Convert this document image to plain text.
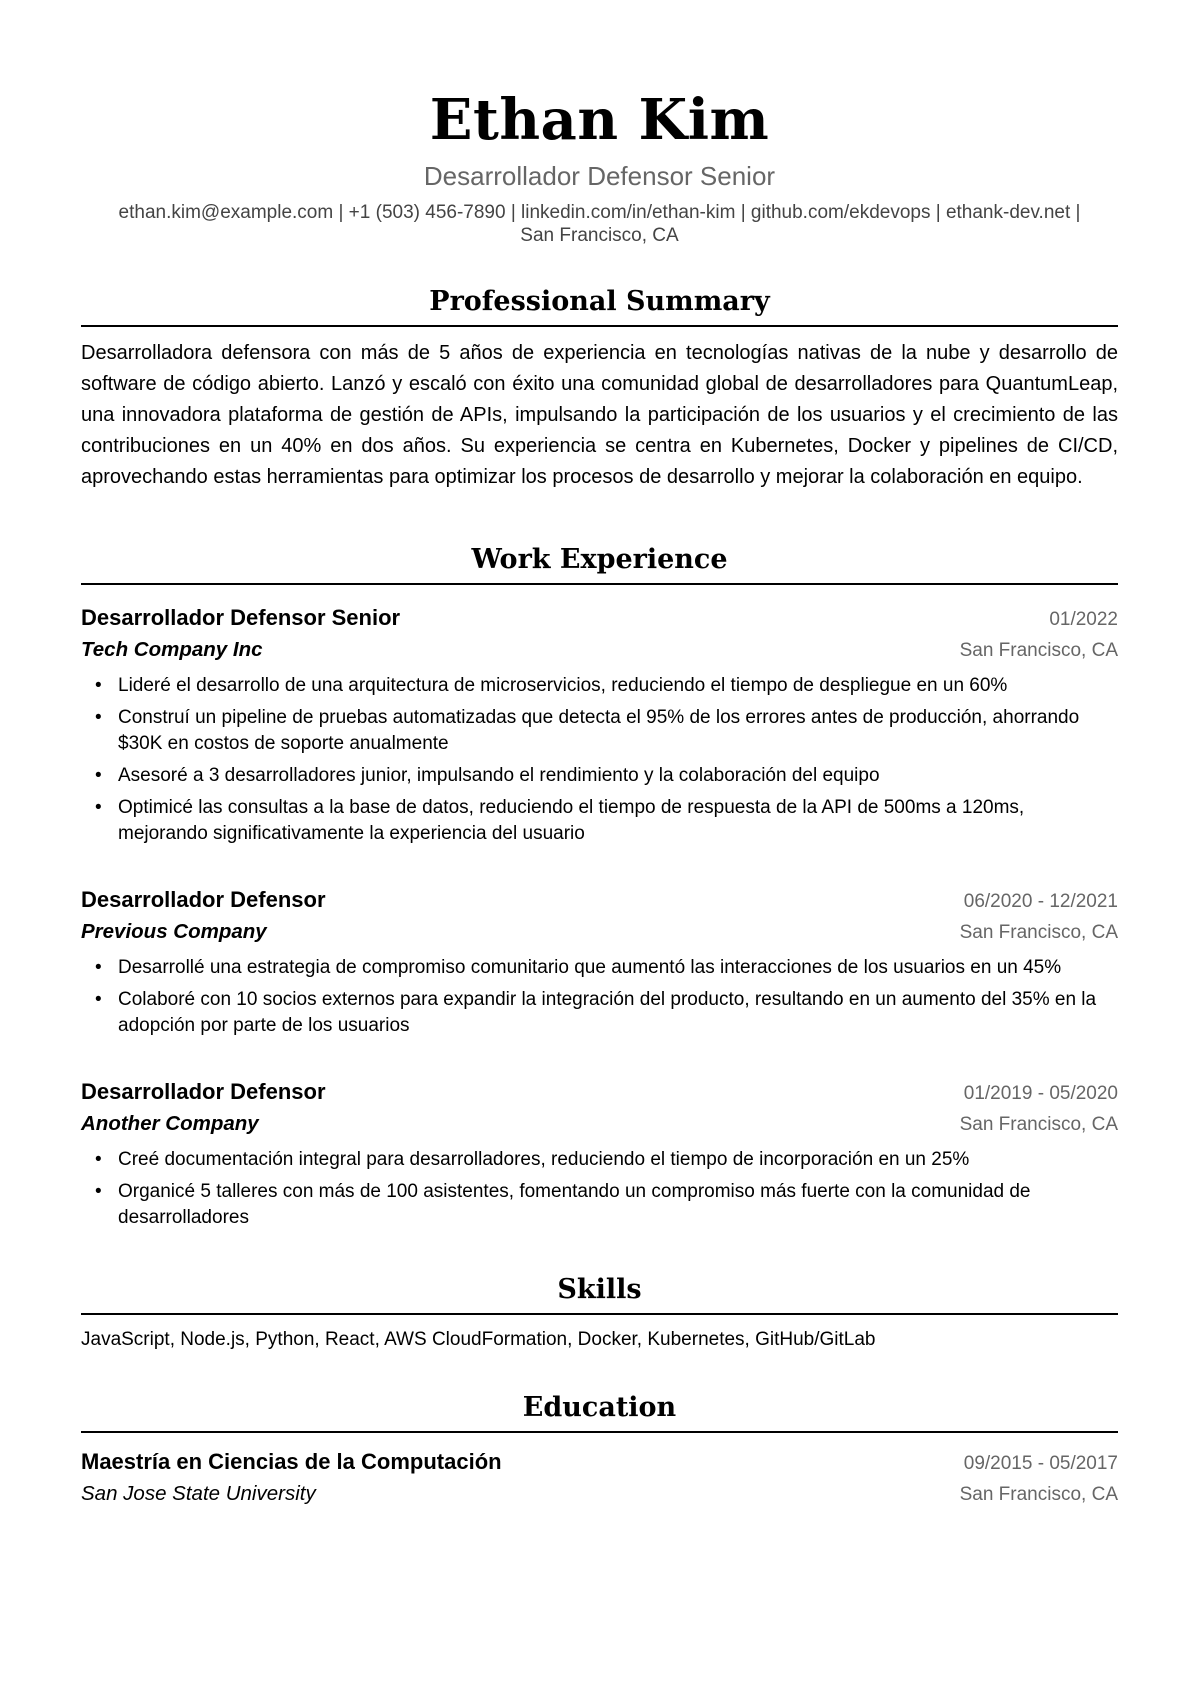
Ethan Kim
Desarrollador Defensor Senior
ethan.kim@example.com | +1 (503) 456-7890 | linkedin.com/in/ethan-kim | github.com/ekdevops | ethank-dev.net |
San Francisco, CA
Professional Summary
Desarrolladora defensora con más de 5 años de experiencia en tecnologías nativas de la nube y desarrollo de software de código abierto. Lanzó y escaló con éxito una comunidad global de desarrolladores para QuantumLeap, una innovadora plataforma de gestión de APIs, impulsando la participación de los usuarios y el crecimiento de las contribuciones en un 40% en dos años. Su experiencia se centra en Kubernetes, Docker y pipelines de CI/CD, aprovechando estas herramientas para optimizar los procesos de desarrollo y mejorar la colaboración en equipo.
Work Experience
Desarrollador Defensor Senior	01/2022
Tech Company Inc	San Francisco, CA
• Lideré el desarrollo de una arquitectura de microservicios, reduciendo el tiempo de despliegue en un 60%
• Construí un pipeline de pruebas automatizadas que detecta el 95% de los errores antes de producción, ahorrando $30K en costos de soporte anualmente
• Asesoré a 3 desarrolladores junior, impulsando el rendimiento y la colaboración del equipo
• Optimicé las consultas a la base de datos, reduciendo el tiempo de respuesta de la API de 500ms a 120ms, mejorando significativamente la experiencia del usuario
Desarrollador Defensor	06/2020 - 12/2021
Previous Company	San Francisco, CA
• Desarrollé una estrategia de compromiso comunitario que aumentó las interacciones de los usuarios en un 45%
• Colaboré con 10 socios externos para expandir la integración del producto, resultando en un aumento del 35% en la adopción por parte de los usuarios
Desarrollador Defensor	01/2019 - 05/2020
Another Company	San Francisco, CA
• Creé documentación integral para desarrolladores, reduciendo el tiempo de incorporación en un 25%
• Organicé 5 talleres con más de 100 asistentes, fomentando un compromiso más fuerte con la comunidad de desarrolladores
Skills
JavaScript, Node.js, Python, React, AWS CloudFormation, Docker, Kubernetes, GitHub/GitLab
Education
Maestría en Ciencias de la Computación	09/2015 - 05/2017
San Jose State University	San Francisco, CA
